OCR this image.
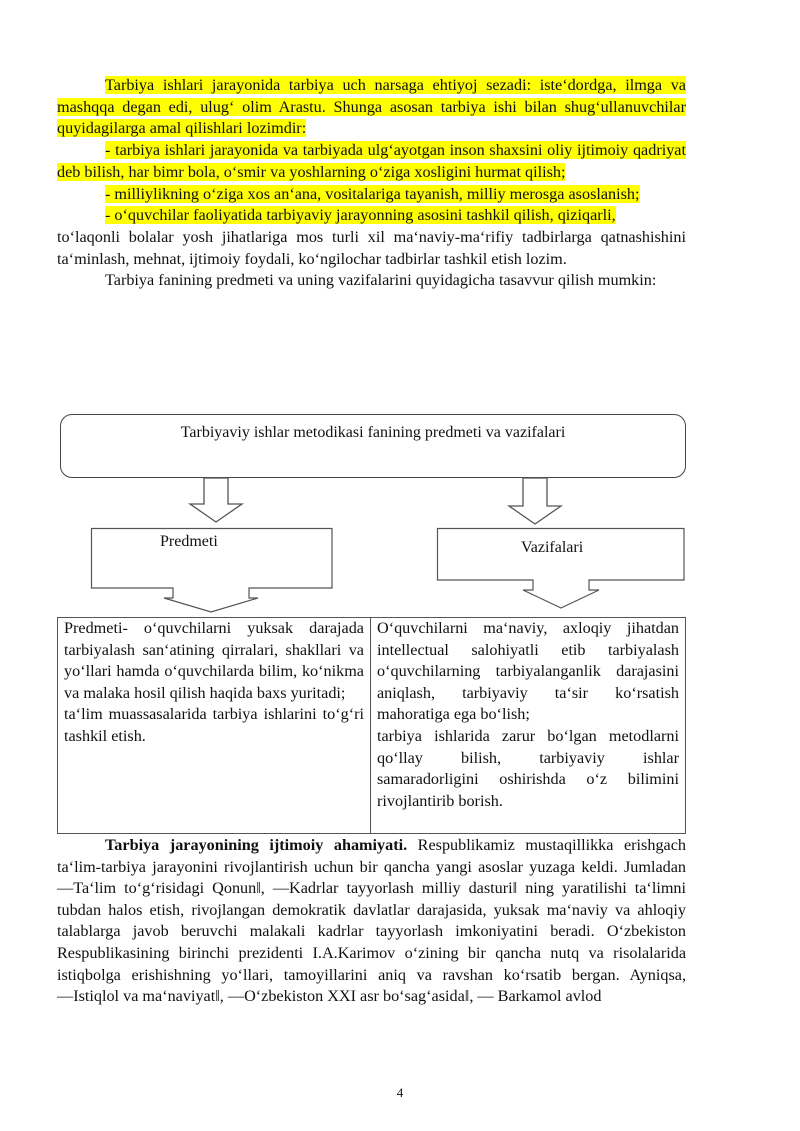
Tarbiya ishlari jarayonida tarbiya uch narsaga ehtiyoj sezadi: iste‘dordga, ilmga va mashqqa degan edi, ulug‘ olim Arastu. Shunga asosan tarbiya ishi bilan shug‘ullanuvchilar quyidagilarga amal qilishlari lozimdir:

- tarbiya ishlari jarayonida va tarbiyada ulg‘ayotgan inson shaxsini oliy ijtimoiy qadriyat deb bilish, har bimr bola, o‘smir va yoshlarning o‘ziga xosligini hurmat qilish;

- milliylikning o‘ziga xos an‘ana, vositalariga tayanish, milliy merosga asoslanish;

- o‘quvchilar faoliyatida tarbiyaviy jarayonning asosini tashkil qilish, qiziqarli,

to‘laqonli bolalar yosh jihatlariga mos turli xil ma‘naviy-ma‘rifiy tadbirlarga qatnashishini ta‘minlash, mehnat, ijtimoiy foydali, ko‘ngilochar tadbirlar tashkil etish lozim.

Tarbiya fanining predmeti va uning vazifalarini quyidagicha tasavvur qilish mumkin:

Tarbiyaviy ishlar metodikasi fanining predmeti va vazifalari
Predmeti	Vazifalari

Predmeti- o‘quvchilarni yuksak darajada tarbiyalash san‘atining qirralari, shakllari va yo‘llari hamda o‘quvchilarda bilim, ko‘nikma va malaka hosil qilish haqida baxs yuritadi;

ta‘lim muassasalarida tarbiya ishlarini to‘g‘ri tashkil etish.

O‘quvchilarni ma‘naviy, axloqiy jihatdan intellectual salohiyatli etib tarbiyalash o‘quvchilarning tarbiyalanganlik darajasini aniqlash, tarbiyaviy ta‘sir ko‘rsatish mahoratiga ega bo‘lish;

tarbiya ishlarida zarur bo‘lgan metodlarni qo‘llay bilish, tarbiyaviy ishlar samaradorligini oshirishda o‘z bilimini rivojlantirib borish.

Tarbiya jarayonining ijtimoiy ahamiyati. Respublikamiz mustaqillikka erishgach ta‘lim-tarbiya jarayonini rivojlantirish uchun bir qancha yangi asoslar yuzaga keldi. Jumladan ―Ta‘lim to‘g‘risidagi Qonun‖, ―Kadrlar tayyorlash milliy dasturi‖ ning yaratilishi ta‘limni tubdan halos etish, rivojlangan demokratik davlatlar darajasida, yuksak ma‘naviy va ahloqiy talablarga javob beruvchi malakali kadrlar tayyorlash imkoniyatini beradi. O‘zbekiston Respublikasining birinchi prezidenti I.A.Karimov o‘zining bir qancha nutq va risolalarida istiqbolga erishishning yo‘llari, tamoyillarini aniq va ravshan ko‘rsatib bergan. Ayniqsa, ―Istiqlol va ma‘naviyat‖, ―O‘zbekiston XXI asr bo‘sag‘asida‖, ― Barkamol avlod

4
